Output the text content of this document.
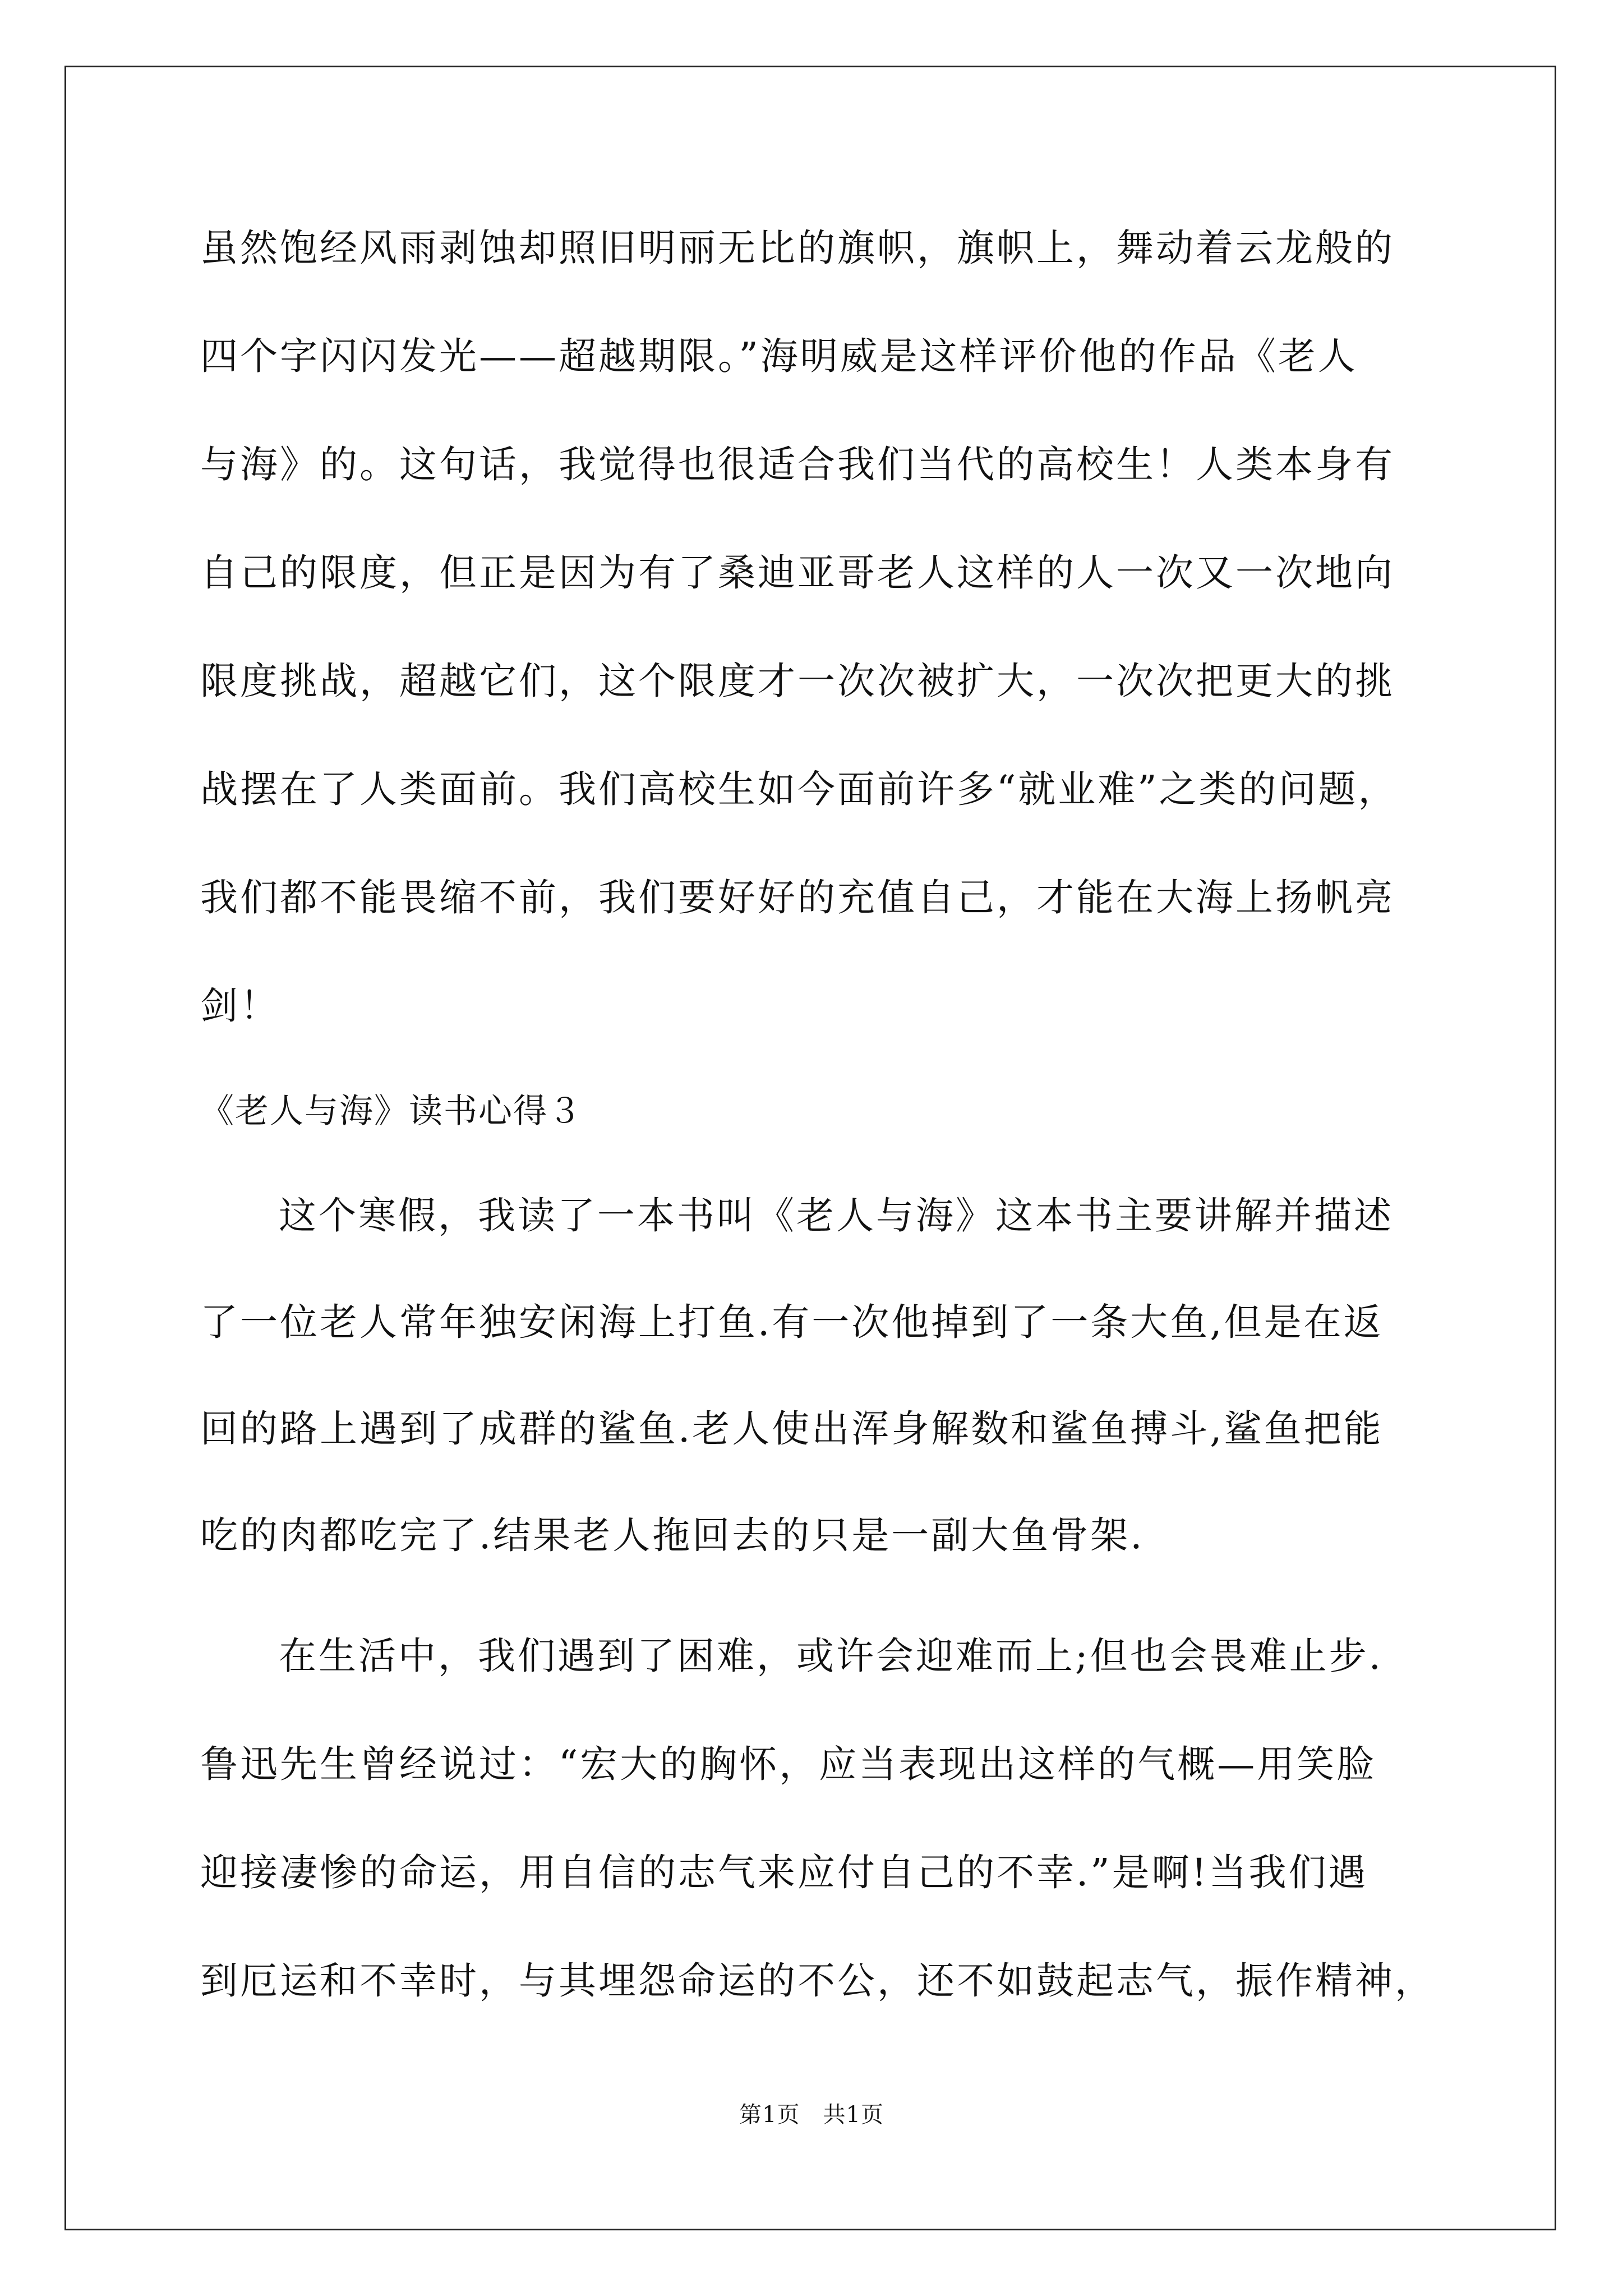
虽然饱经风雨剥蚀却照旧明丽无比的旗帜，旗帜上，舞动着云龙般的
四个字闪闪发光——超越期限。”海明威是这样评价他的作品《老人
与海》的。这句话，我觉得也很适合我们当代的高校生！人类本身有
自己的限度，但正是因为有了桑迪亚哥老人这样的人一次又一次地向
限度挑战，超越它们，这个限度才一次次被扩大，一次次把更大的挑
战摆在了人类面前。我们高校生如今面前许多“就业难”之类的问题，
我们都不能畏缩不前，我们要好好的充值自己，才能在大海上扬帆亮
剑！
《老人与海》读书心得３
这个寒假，我读了一本书叫《老人与海》这本书主要讲解并描述
了一位老人常年独安闲海上打鱼.有一次他掉到了一条大鱼,但是在返
回的路上遇到了成群的鲨鱼.老人使出浑身解数和鲨鱼搏斗,鲨鱼把能
吃的肉都吃完了.结果老人拖回去的只是一副大鱼骨架.
在生活中，我们遇到了困难，或许会迎难而上;但也会畏难止步.
鲁迅先生曾经说过：“宏大的胸怀，应当表现出这样的气概—用笑脸
迎接凄惨的命运，用自信的志气来应付自己的不幸.”是啊!当我们遇
到厄运和不幸时，与其埋怨命运的不公，还不如鼓起志气，振作精神，
第1页　共1页
